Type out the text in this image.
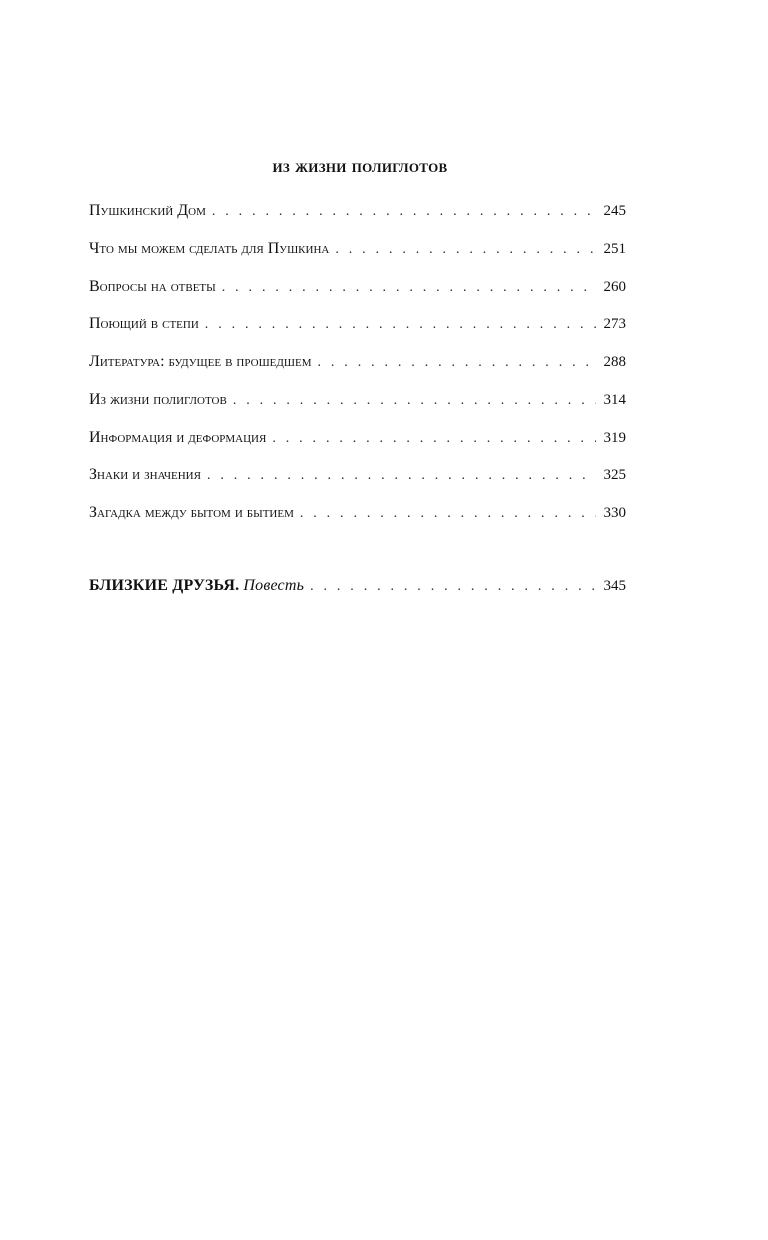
из жизни полиглотов
Пушкинский Дом . . .	245
Что мы можем сделать для Пушкина . . .	251
Вопросы на ответы . . .	260
Поющий в степи . . .	273
Литература: будущее в прошедшем . . .	288
Из жизни полиглотов . . .	314
Информация и деформация . . .	319
Знаки и значения . . .	325
Загадка между бытом и бытием . . .	330
БЛИЗКИЕ ДРУЗЬЯ. Повесть . . .	345
